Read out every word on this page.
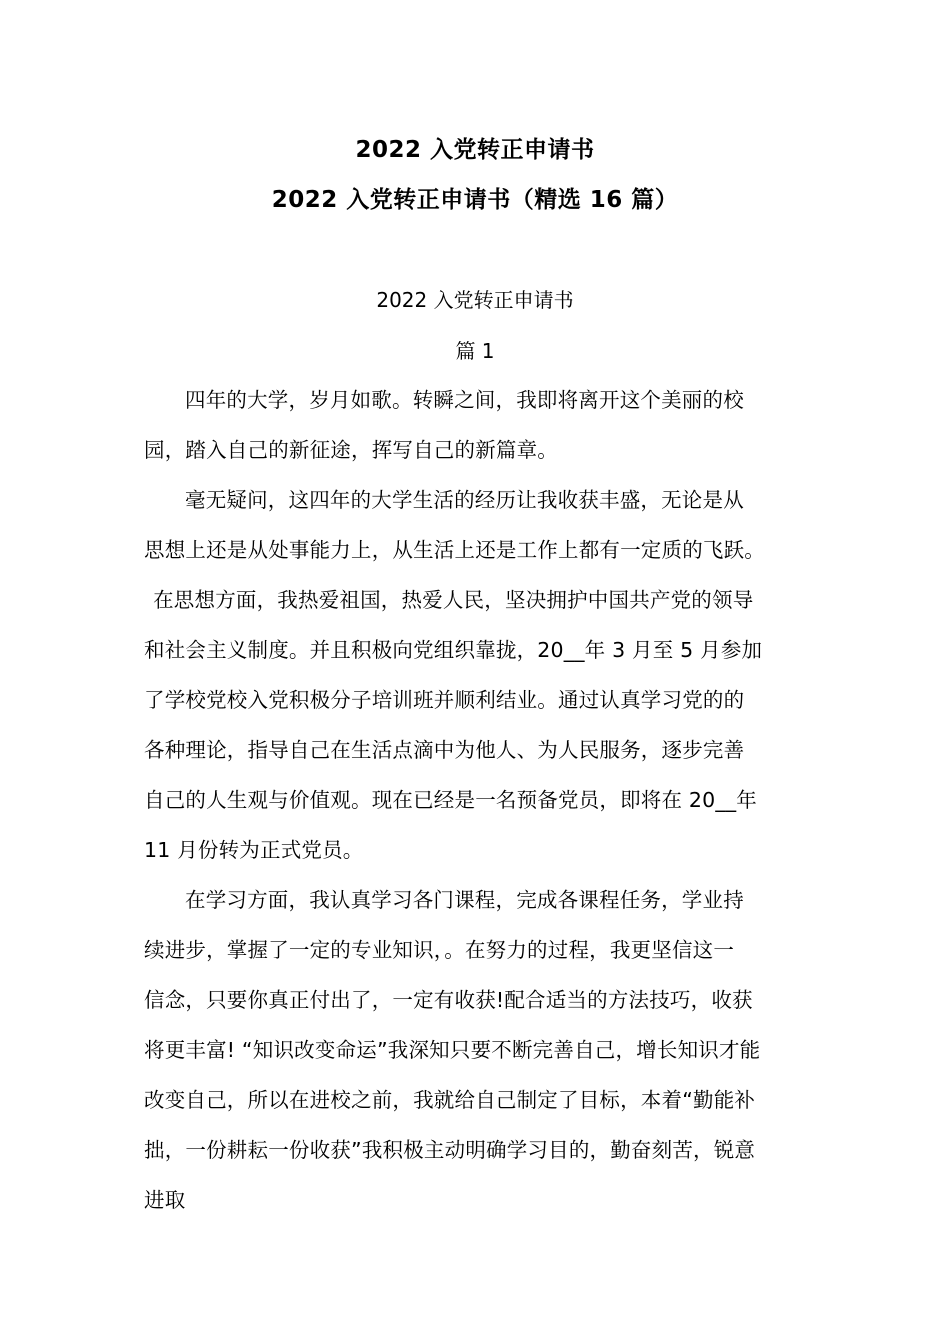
2022 入党转正申请书
2022 入党转正申请书（精选 16 篇）
2022 入党转正申请书
篇 1

四年的大学，岁月如歌。转瞬之间，我即将离开这个美丽的校
园，踏入自己的新征途，挥写自己的新篇章。

毫无疑问，这四年的大学生活的经历让我收获丰盛，无论是从
思想上还是从处事能力上，从生活上还是工作上都有一定质的飞跃。

在思想方面，我热爱祖国，热爱人民，坚决拥护中国共产党的领导
和社会主义制度。并且积极向党组织靠拢，20__年 3 月至 5 月参加
了学校党校入党积极分子培训班并顺利结业。通过认真学习党的的
各种理论，指导自己在生活点滴中为他人、为人民服务，逐步完善
自己的人生观与价值观。现在已经是一名预备党员，即将在 20__年
11 月份转为正式党员。

在学习方面，我认真学习各门课程，完成各课程任务，学业持
续进步，掌握了一定的专业知识，。在努力的过程，我更坚信这一
信念，只要你真正付出了，一定有收获!配合适当的方法技巧，收获
将更丰富! “知识改变命运”我深知只要不断完善自己，增长知识才能
改变自己，所以在进校之前，我就给自己制定了目标，本着“勤能补
拙，一份耕耘一份收获”我积极主动明确学习目的，勤奋刻苦，锐意
进取
